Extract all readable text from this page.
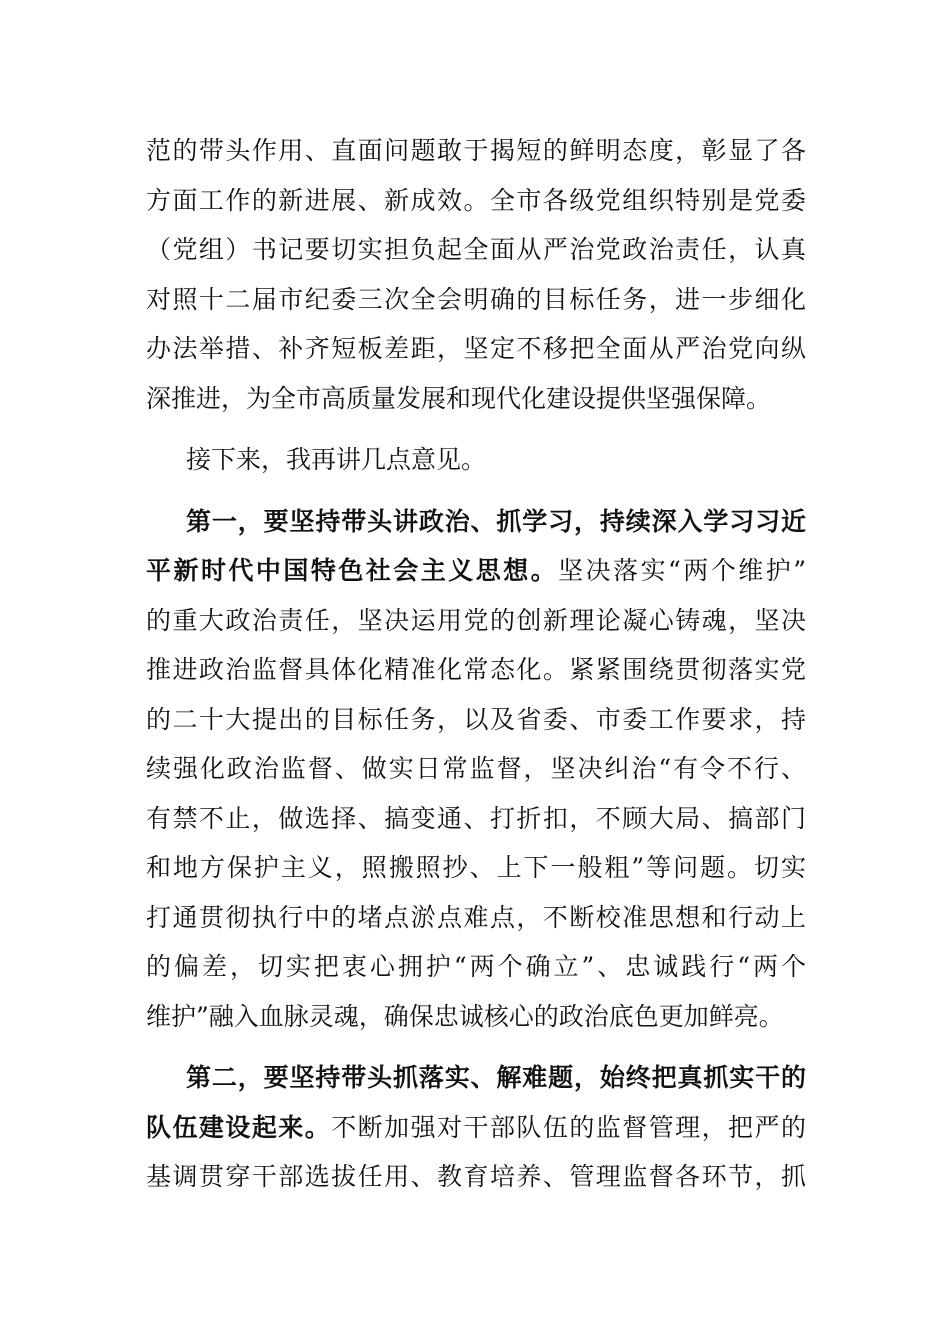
范的带头作用、直面问题敢于揭短的鲜明态度，彰显了各
方面工作的新进展、新成效。全市各级党组织特别是党委
（党组）书记要切实担负起全面从严治党政治责任，认真
对照十二届市纪委三次全会明确的目标任务，进一步细化
办法举措、补齐短板差距，坚定不移把全面从严治党向纵
深推进，为全市高质量发展和现代化建设提供坚强保障。
接下来，我再讲几点意见。
第一，要坚持带头讲政治、抓学习，持续深入学习习近
平新时代中国特色社会主义思想。坚决落实“两个维护”
的重大政治责任，坚决运用党的创新理论凝心铸魂，坚决
推进政治监督具体化精准化常态化。紧紧围绕贯彻落实党
的二十大提出的目标任务，以及省委、市委工作要求，持
续强化政治监督、做实日常监督，坚决纠治“有令不行、
有禁不止，做选择、搞变通、打折扣，不顾大局、搞部门
和地方保护主义，照搬照抄、上下一般粗”等问题。切实
打通贯彻执行中的堵点淤点难点，不断校准思想和行动上
的偏差，切实把衷心拥护“两个确立”、忠诚践行“两个
维护”融入血脉灵魂，确保忠诚核心的政治底色更加鲜亮。
第二，要坚持带头抓落实、解难题，始终把真抓实干的
队伍建设起来。不断加强对干部队伍的监督管理，把严的
基调贯穿干部选拔任用、教育培养、管理监督各环节，抓
